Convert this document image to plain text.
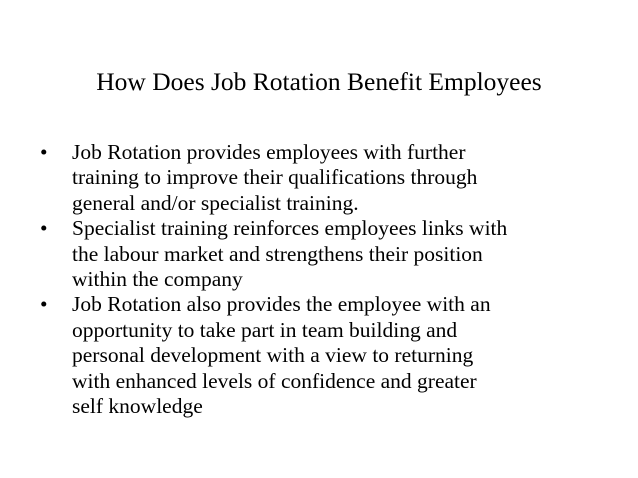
How Does Job Rotation Benefit Employees
• Job Rotation provides employees with further
training to improve their qualifications through
general and/or specialist training.
• Specialist training reinforces employees links with
the labour market and strengthens their position
within the company
• Job Rotation also provides the employee with an
opportunity to take part in team building and
personal development with a view to returning
with enhanced levels of confidence and greater
self knowledge
